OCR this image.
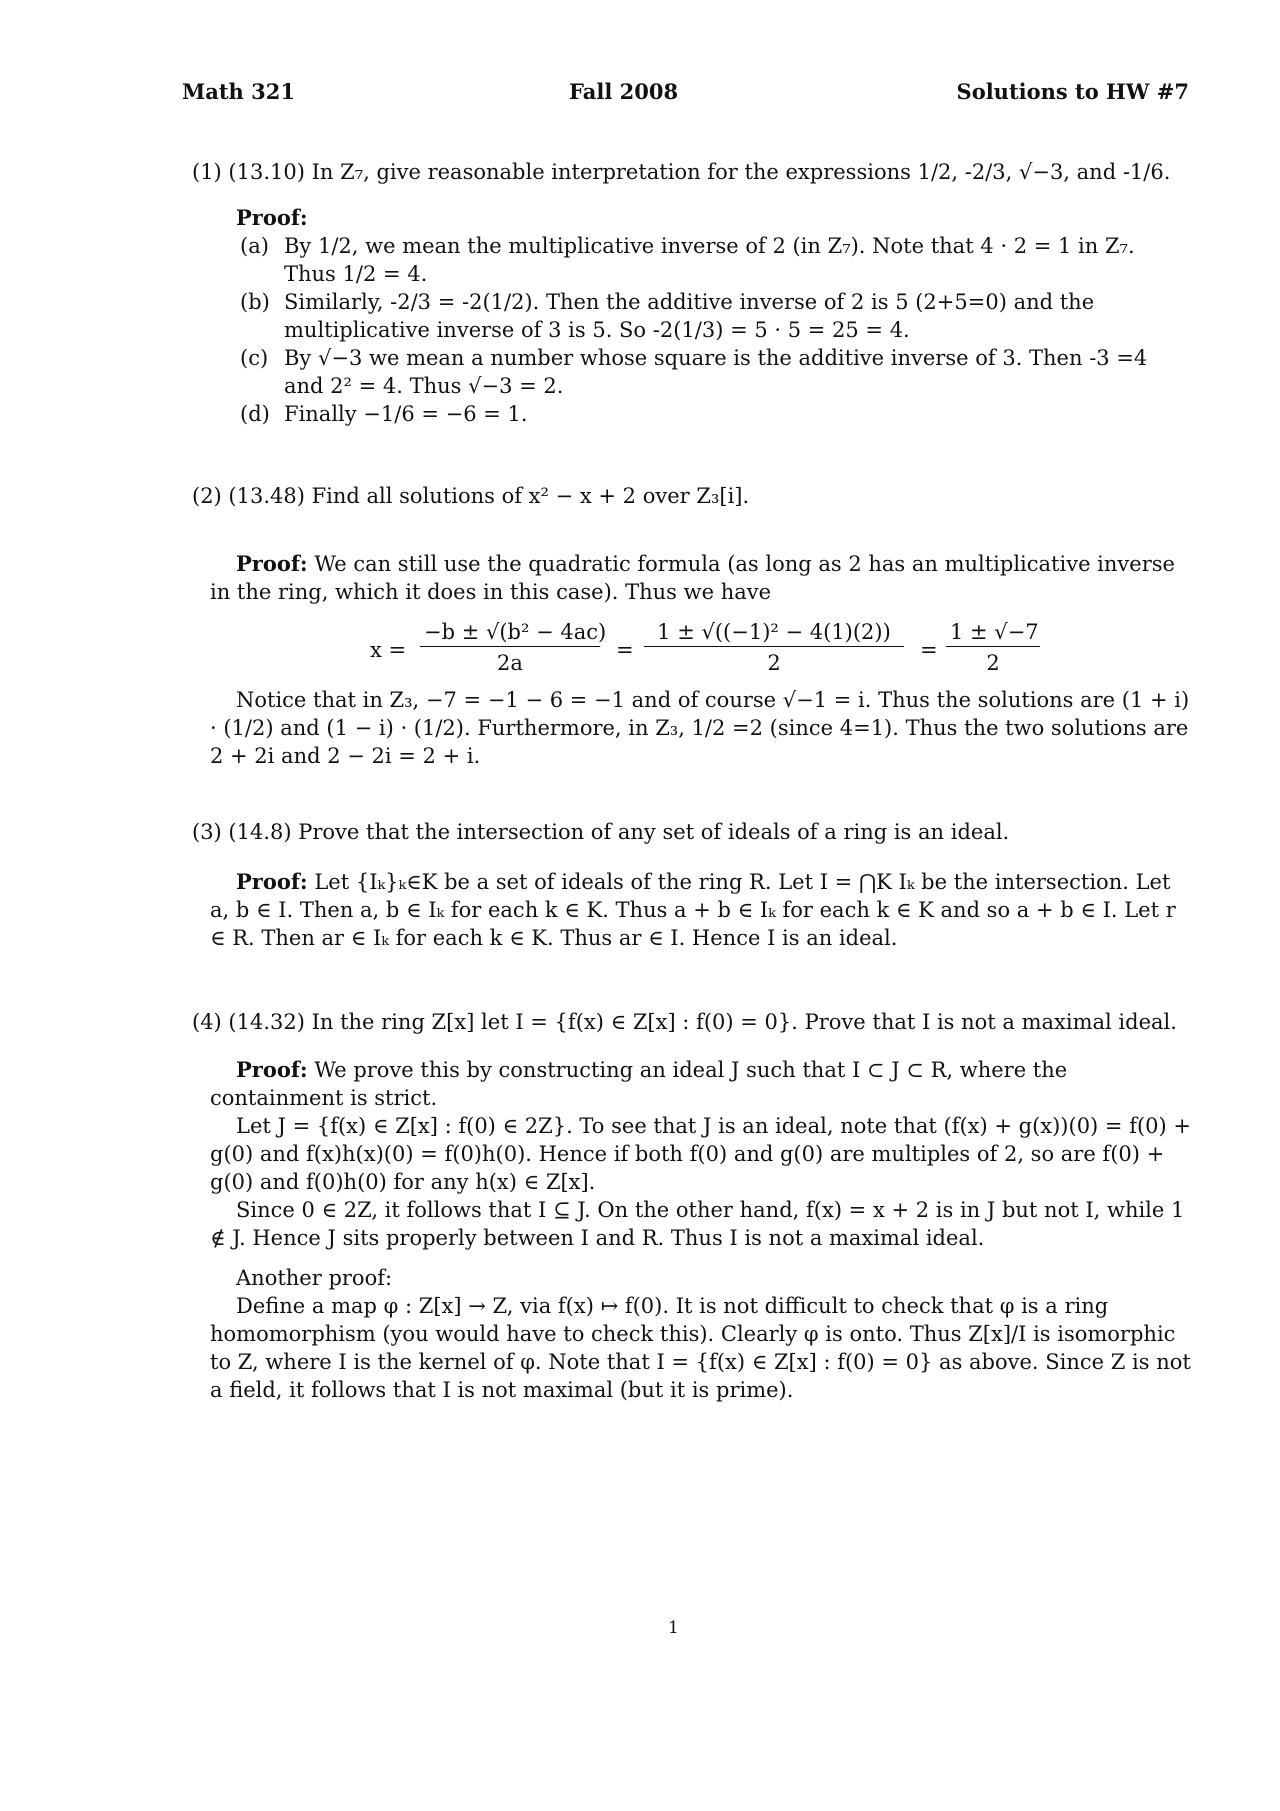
Math 321	Fall 2008	Solutions to HW #7

(1) (13.10) In Z₇, give reasonable interpretation for the expressions 1/2, -2/3, √−3, and -1/6.

Proof:
(a) By 1/2, we mean the multiplicative inverse of 2 (in Z₇). Note that 4 · 2 = 1 in Z₇. Thus 1/2 = 4.
(b) Similarly, -2/3 = -2(1/2). Then the additive inverse of 2 is 5 (2+5=0) and the multiplicative inverse of 3 is 5. So -2(1/3) = 5 · 5 = 25 = 4.
(c) By √−3 we mean a number whose square is the additive inverse of 3. Then -3 =4 and 2² = 4. Thus √−3 = 2.
(d) Finally −1/6 = −6 = 1.

(2) (13.48) Find all solutions of x² − x + 2 over Z₃[i].

Proof: We can still use the quadratic formula (as long as 2 has an multiplicative inverse in the ring, which it does in this case). Thus we have

$x = \frac{\text{−b ± √(b² − 4ac)}}{2a} = \frac{\text{1 ± √((−1)² − 4(1)(2))}}{2} = \frac{1 \pm √-7}{2}$

Notice that in Z₃, −7 = −1 − 6 = −1 and of course √−1 = i. Thus the solutions are (1 + i) · (1/2) and (1 − i) · (1/2). Furthermore, in Z₃, 1/2 =2 (since 4=1). Thus the two solutions are 2 + 2i and 2 − 2i = 2 + i.

(3) (14.8) Prove that the intersection of any set of ideals of a ring is an ideal.

Proof: Let {Iₖ}ₖ∈K be a set of ideals of the ring R. Let I = ⋂K Iₖ be the intersection. Let a, b ∈ I. Then a, b ∈ Iₖ for each k ∈ K. Thus a + b ∈ Iₖ for each k ∈ K and so a + b ∈ I. Let r ∈ R. Then ar ∈ Iₖ for each k ∈ K. Thus ar ∈ I. Hence I is an ideal.

(4) (14.32) In the ring Z[x] let I = {f(x) ∈ Z[x] : f(0) = 0}. Prove that I is not a maximal ideal.

Proof: We prove this by constructing an ideal J such that I ⊂ J ⊂ R, where the containment is strict.

Let J = {f(x) ∈ Z[x] : f(0) ∈ 2Z}. To see that J is an ideal, note that (f(x) + g(x))(0) = f(0) + g(0) and f(x)h(x)(0) = f(0)h(0). Hence if both f(0) and g(0) are multiples of 2, so are f(0) + g(0) and f(0)h(0) for any h(x) ∈ Z[x].

Since 0 ∈ 2Z, it follows that I ⊆ J. On the other hand, f(x) = x + 2 is in J but not I, while 1 ∉ J. Hence J sits properly between I and R. Thus I is not a maximal ideal.

Another proof:

Define a map φ : Z[x] → Z, via f(x) ↦ f(0). It is not difficult to check that φ is a ring homomorphism (you would have to check this). Clearly φ is onto. Thus Z[x]/I is isomorphic to Z, where I is the kernel of φ. Note that I = {f(x) ∈ Z[x] : f(0) = 0} as above. Since Z is not a field, it follows that I is not maximal (but it is prime).

1
